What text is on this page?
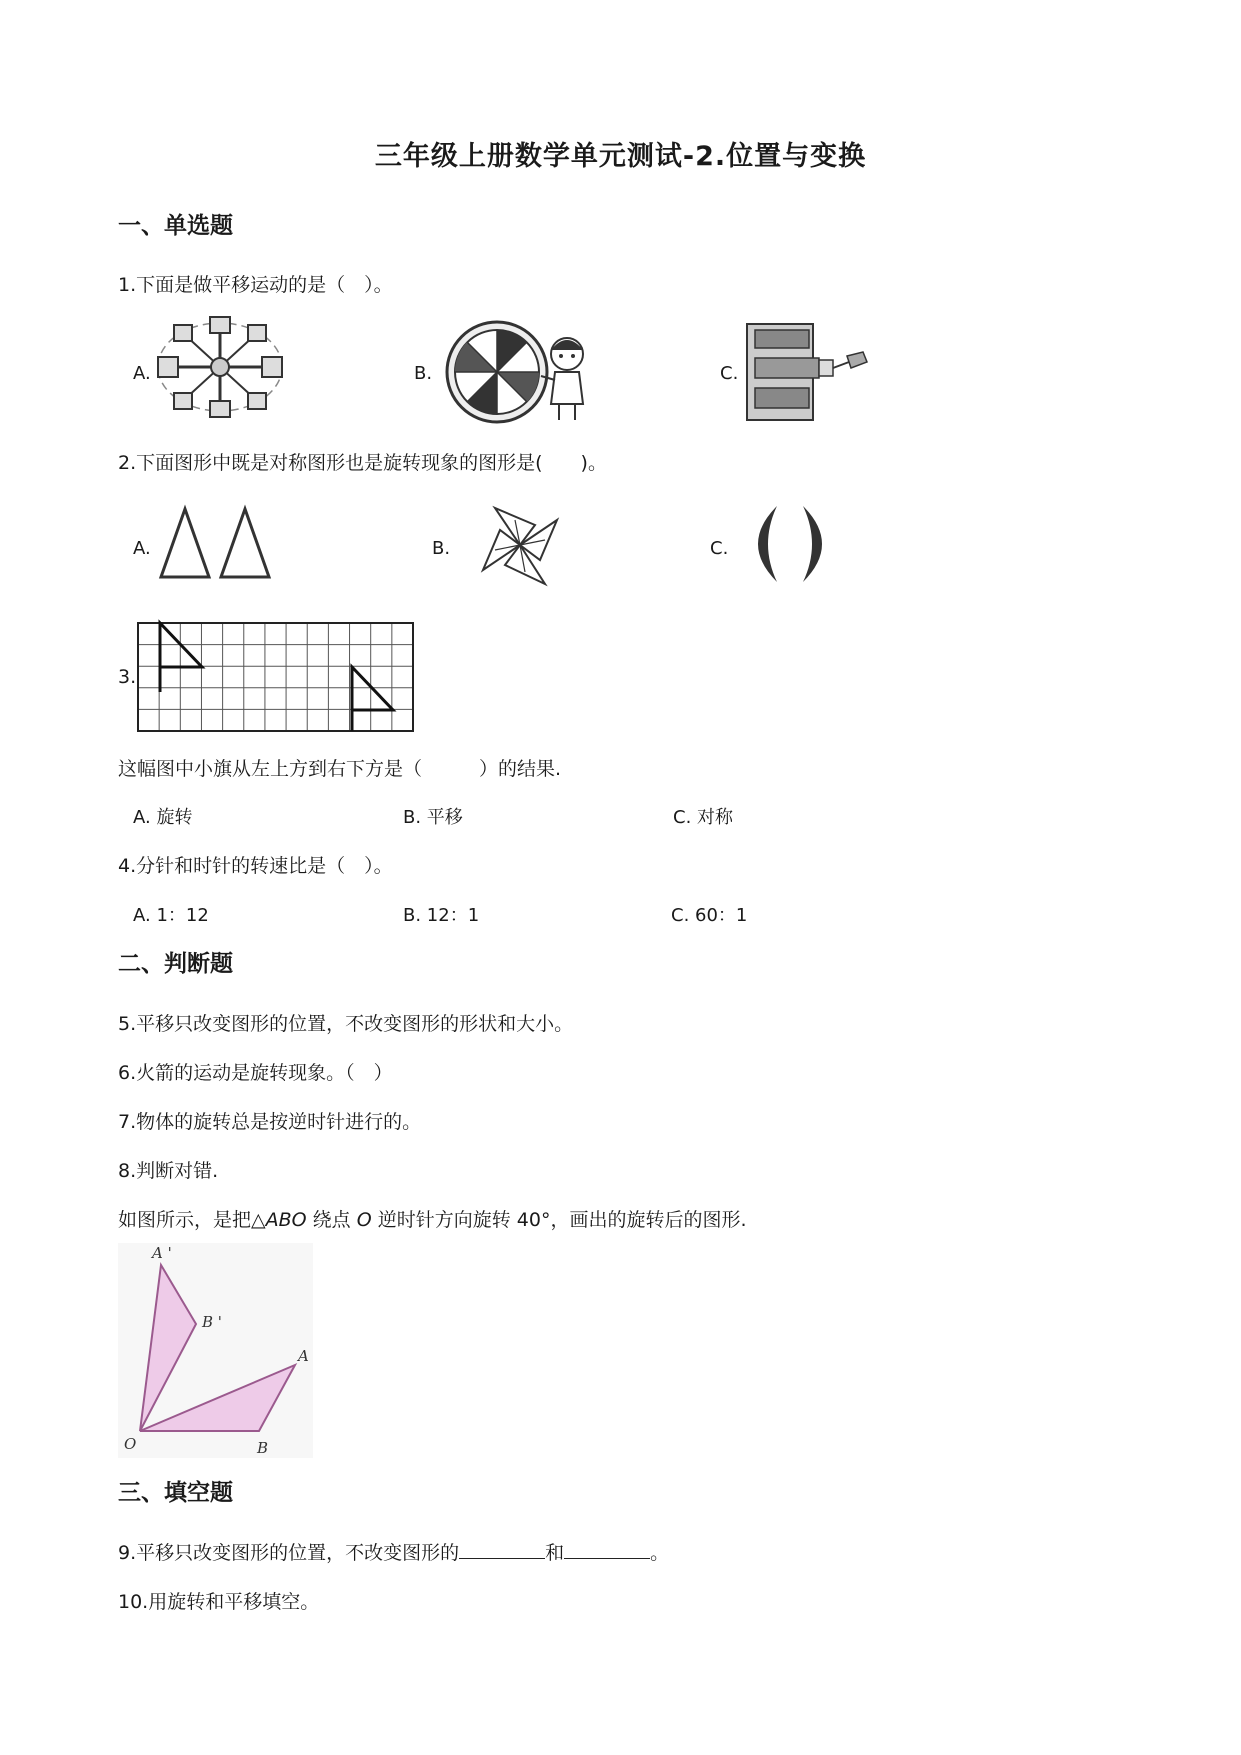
三年级上册数学单元测试-2.位置与变换
一、单选题
1.下面是做平移运动的是（　）。
A.	B.	C.
2.下面图形中既是对称图形也是旋转现象的图形是(　　)。
A.	B.	C.
3.
这幅图中小旗从左上方到右下方是（　　　）的结果.
A. 旋转	B. 平移	C. 对称
4.分针和时针的转速比是（　）。
A. 1：12	B. 12：1	C. 60：1
二、判断题
5.平移只改变图形的位置，不改变图形的形状和大小。
6.火箭的运动是旋转现象。（　）
7.物体的旋转总是按逆时针进行的。
8.判断对错.
如图所示，是把△ABO 绕点 O 逆时针方向旋转 40°，画出的旋转后的图形.
A '
B '
A
O	B
三、填空题
9.平移只改变图形的位置，不改变图形的	和	。
10.用旋转和平移填空。
